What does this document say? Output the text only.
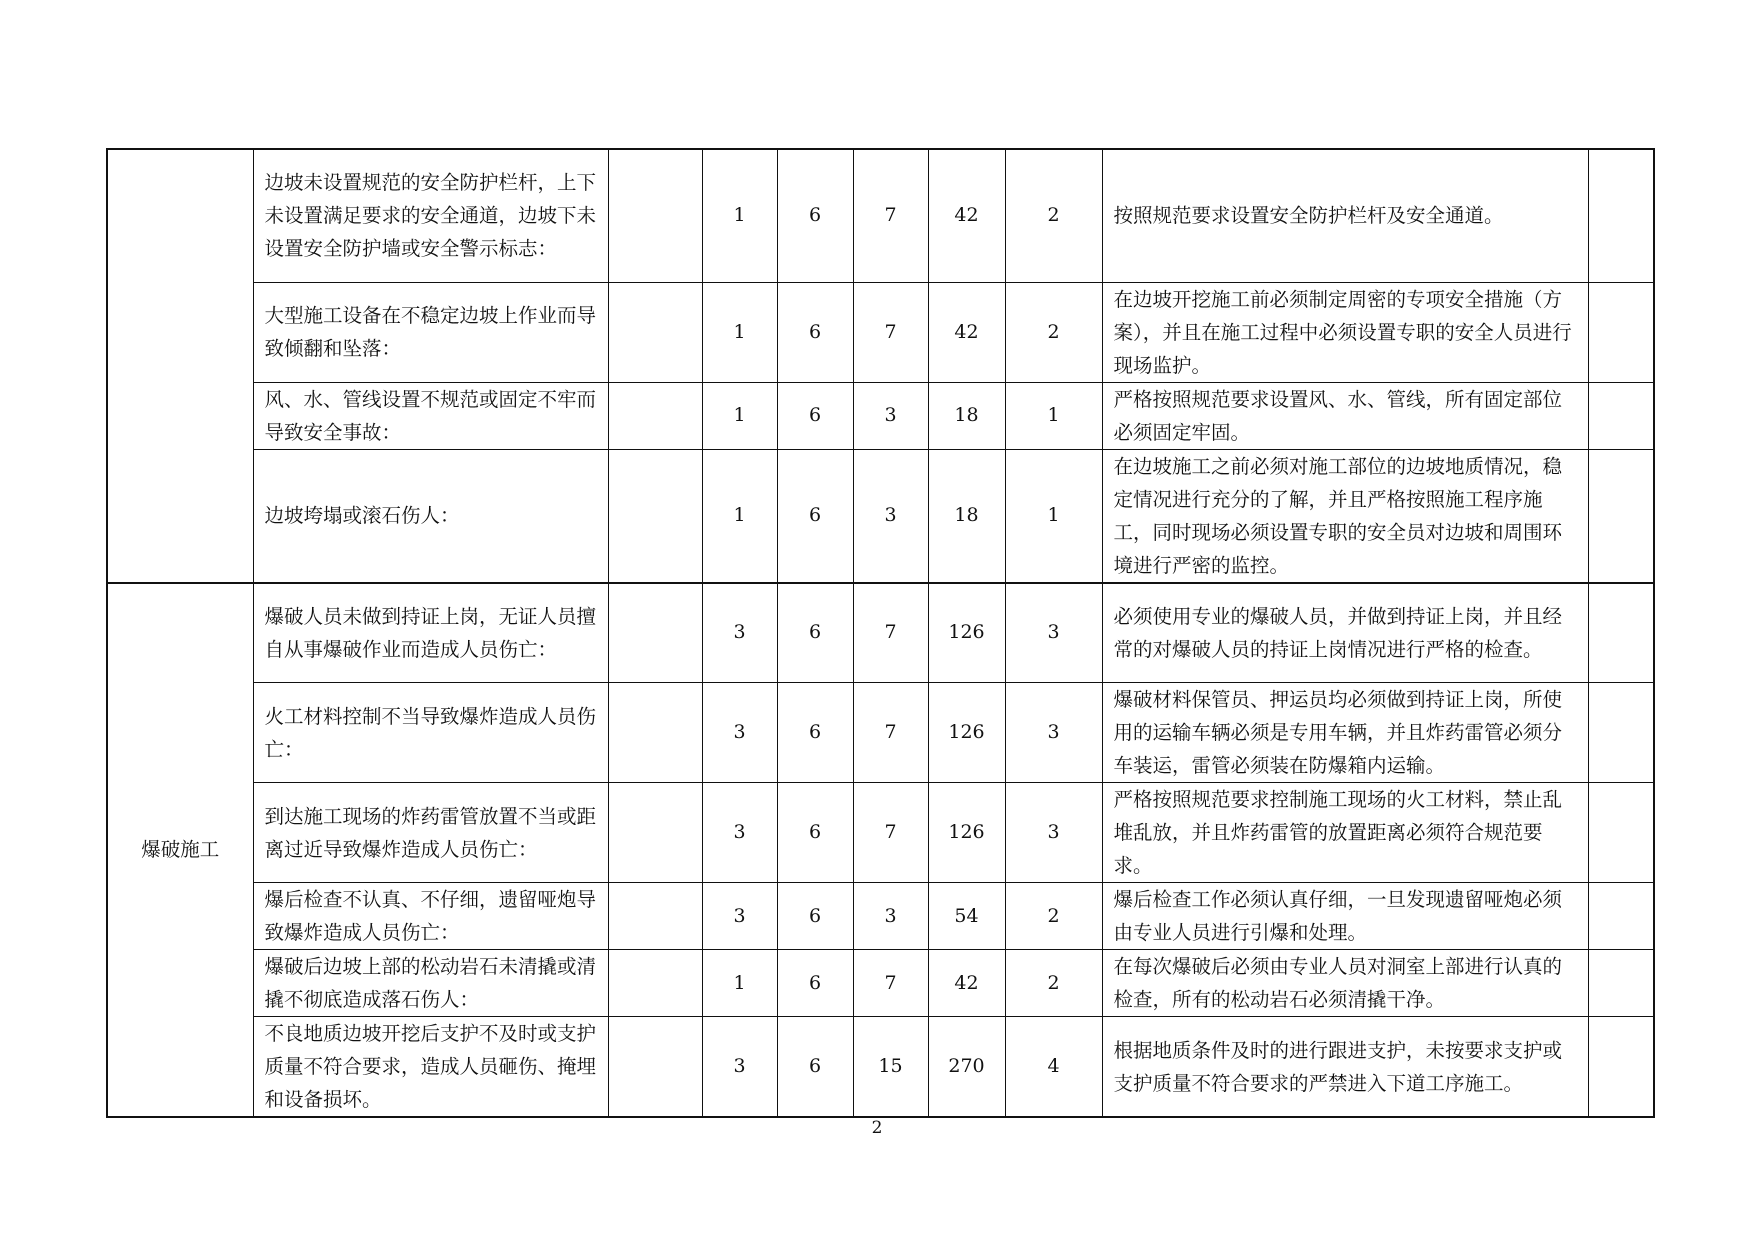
	边坡未设置规范的安全防护栏杆，上下未设置满足要求的安全通道，边坡下未设置安全防护墙或安全警示标志：		1	6	7	42	2	按照规范要求设置安全防护栏杆及安全通道。	
	大型施工设备在不稳定边坡上作业而导致倾翻和坠落：		1	6	7	42	2	在边坡开挖施工前必须制定周密的专项安全措施（方案），并且在施工过程中必须设置专职的安全人员进行现场监护。	
	风、水、管线设置不规范或固定不牢而导致安全事故：		1	6	3	18	1	严格按照规范要求设置风、水、管线，所有固定部位必须固定牢固。	
	边坡垮塌或滚石伤人：		1	6	3	18	1	在边坡施工之前必须对施工部位的边坡地质情况，稳定情况进行充分的了解，并且严格按照施工程序施工，同时现场必须设置专职的安全员对边坡和周围环境进行严密的监控。	
爆破施工	爆破人员未做到持证上岗，无证人员擅自从事爆破作业而造成人员伤亡：		3	6	7	126	3	必须使用专业的爆破人员，并做到持证上岗，并且经常的对爆破人员的持证上岗情况进行严格的检查。	
	火工材料控制不当导致爆炸造成人员伤亡：		3	6	7	126	3	爆破材料保管员、押运员均必须做到持证上岗，所使用的运输车辆必须是专用车辆，并且炸药雷管必须分车装运，雷管必须装在防爆箱内运输。	
	到达施工现场的炸药雷管放置不当或距离过近导致爆炸造成人员伤亡：		3	6	7	126	3	严格按照规范要求控制施工现场的火工材料，禁止乱堆乱放，并且炸药雷管的放置距离必须符合规范要求。	
	爆后检查不认真、不仔细，遗留哑炮导致爆炸造成人员伤亡：		3	6	3	54	2	爆后检查工作必须认真仔细，一旦发现遗留哑炮必须由专业人员进行引爆和处理。	
	爆破后边坡上部的松动岩石未清撬或清撬不彻底造成落石伤人：		1	6	7	42	2	在每次爆破后必须由专业人员对洞室上部进行认真的检查，所有的松动岩石必须清撬干净。	
	不良地质边坡开挖后支护不及时或支护质量不符合要求，造成人员砸伤、掩埋和设备损坏。		3	6	15	270	4	根据地质条件及时的进行跟进支护，未按要求支护或支护质量不符合要求的严禁进入下道工序施工。	
2
